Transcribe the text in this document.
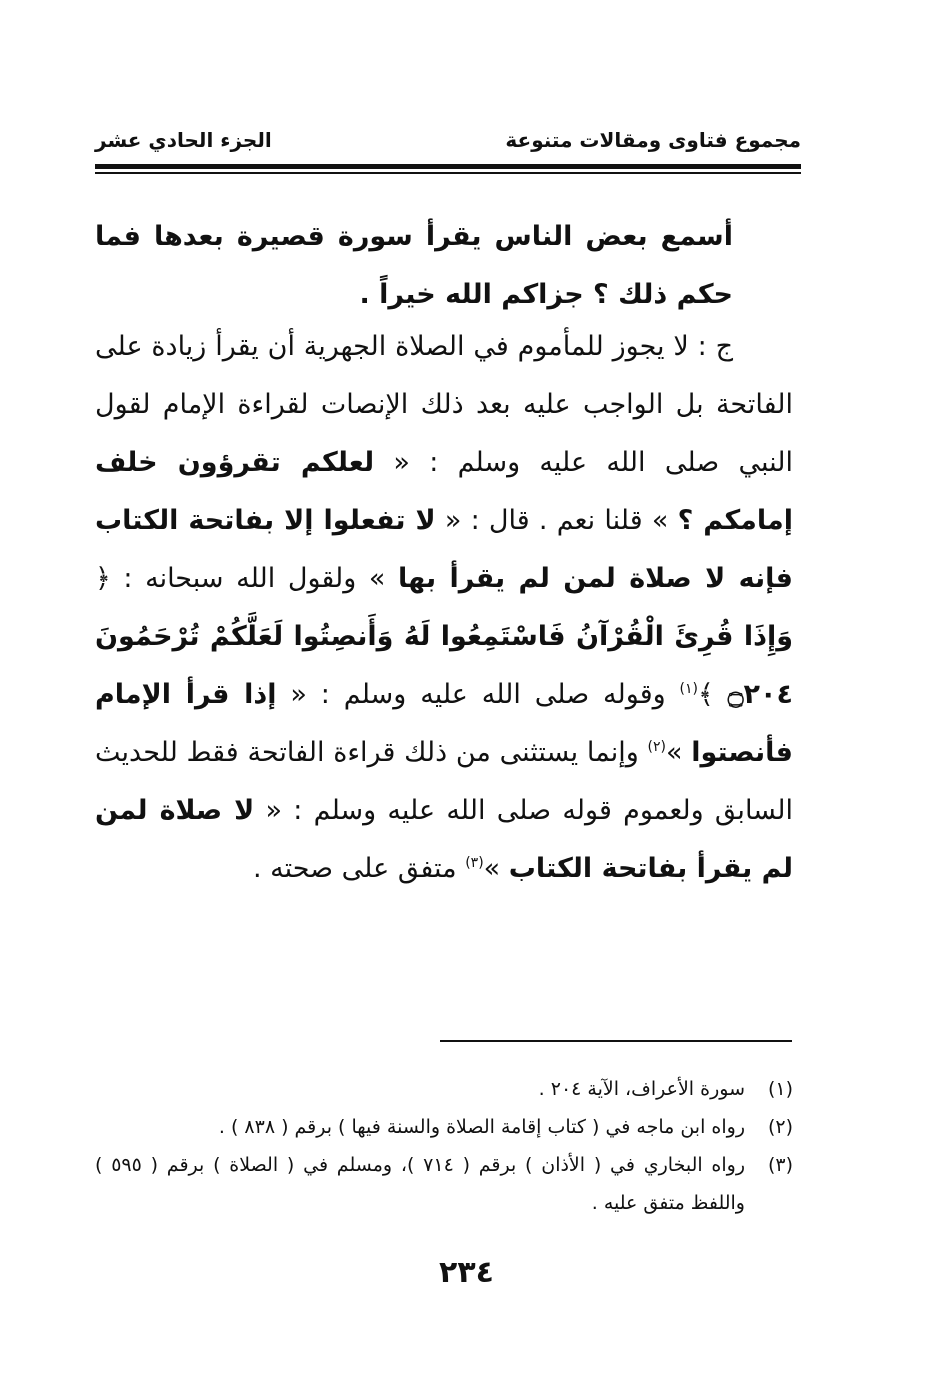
مجموع فتاوى ومقالات متنوعة
الجزء الحادي عشر
أسمع بعض الناس يقرأ سورة قصيرة بعدها فما حكم ذلك ؟ جزاكم الله خيراً .
ج : لا يجوز للمأموم في الصلاة الجهرية أن يقرأ زيادة على الفاتحة بل الواجب عليه بعد ذلك الإنصات لقراءة الإمام لقول النبي صلى الله عليه وسلم : « لعلكم تقرؤون خلف إمامكم ؟ » قلنا نعم . قال : « لا تفعلوا إلا بفاتحة الكتاب فإنه لا صلاة لمن لم يقرأ بها » ولقول الله سبحانه : ﴿ وَإِذَا قُرِئَ الْقُرْآنُ فَاسْتَمِعُوا لَهُ وَأَنصِتُوا لَعَلَّكُمْ تُرْحَمُونَ ۝٢٠٤ ﴾$^{(١)}$ وقوله صلى الله عليه وسلم : « إذا قرأ الإمام فأنصتوا »$^{(٢)}$ وإنما يستثنى من ذلك قراءة الفاتحة فقط للحديث السابق ولعموم قوله صلى الله عليه وسلم : « لا صلاة لمن لم يقرأ بفاتحة الكتاب »$^{(٣)}$ متفق على صحته .
(١)
سورة الأعراف، الآية ٢٠٤ .
(٢)
رواه ابن ماجه في ( كتاب إقامة الصلاة والسنة فيها ) برقم ( ٨٣٨ ) .
(٣)
رواه البخاري في ( الأذان ) برقم ( ٧١٤ )، ومسلم في ( الصلاة ) برقم ( ٥٩٥ ) واللفظ متفق عليه .
٢٣٤
